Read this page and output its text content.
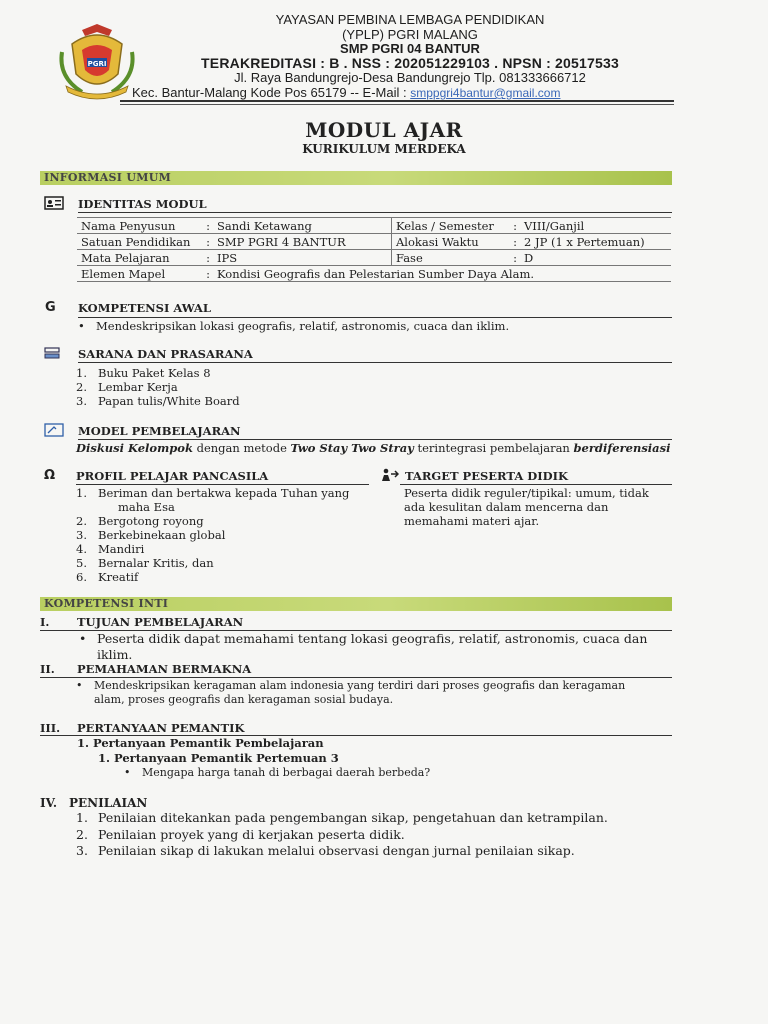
PGRI
YAYASAN PEMBINA LEMBAGA PENDIDIKAN
(YPLP) PGRI MALANG
SMP PGRI 04 BANTUR
TERAKREDITASI : B . NSS : 202051229103 . NPSN : 20517533
Jl. Raya Bandungrejo-Desa Bandungrejo Tlp. 081333666712
Kec. Bantur-Malang Kode Pos 65179 -- E-Mail : smppgri4bantur@gmail.com
MODUL AJAR
KURIKULUM MERDEKA
INFORMASI UMUM
IDENTITAS MODUL
Nama Penyusun	:	Sandi Ketawang	Kelas / Semester	:	VIII/Ganjil
Satuan Pendidikan	:	SMP PGRI 4 BANTUR	Alokasi Waktu	:	2 JP (1 x Pertemuan)
Mata Pelajaran	:	IPS	Fase	:	D
Elemen Mapel	:	Kondisi Geografis dan Pelestarian Sumber Daya Alam.			
G KOMPETENSI AWAL
• Mendeskripsikan lokasi geografis, relatif, astronomis, cuaca dan iklim.
SARANA DAN PRASARANA
1. Buku Paket Kelas 8
2. Lembar Kerja
3. Papan tulis/White Board
MODEL PEMBELAJARAN
Diskusi Kelompok dengan metode Two Stay Two Stray terintegrasi pembelajaran berdiferensiasi
Ω PROFIL PELAJAR PANCASILA
1. Beriman dan bertakwa kepada Tuhan yang
maha Esa
2. Bergotong royong
3. Berkebinekaan global
4. Mandiri
5. Bernalar Kritis, dan
6. Kreatif
TARGET PESERTA DIDIK
Peserta didik reguler/tipikal: umum, tidak
ada kesulitan dalam mencerna dan
memahami materi ajar.
KOMPETENSI INTI
I. TUJUAN PEMBELAJARAN
• Peserta didik dapat memahami tentang lokasi geografis, relatif, astronomis, cuaca dan
iklim.
II. PEMAHAMAN BERMAKNA
• Mendeskripsikan keragaman alam indonesia yang terdiri dari proses geografis dan keragaman
alam, proses geografis dan keragaman sosial budaya.
III. PERTANYAAN PEMANTIK
1. Pertanyaan Pemantik Pembelajaran
1. Pertanyaan Pemantik Pertemuan 3
• Mengapa harga tanah di berbagai daerah berbeda?
IV. PENILAIAN
1. Penilaian ditekankan pada pengembangan sikap, pengetahuan dan ketrampilan.
2. Penilaian proyek yang di kerjakan peserta didik.
3. Penilaian sikap di lakukan melalui observasi dengan jurnal penilaian sikap.
